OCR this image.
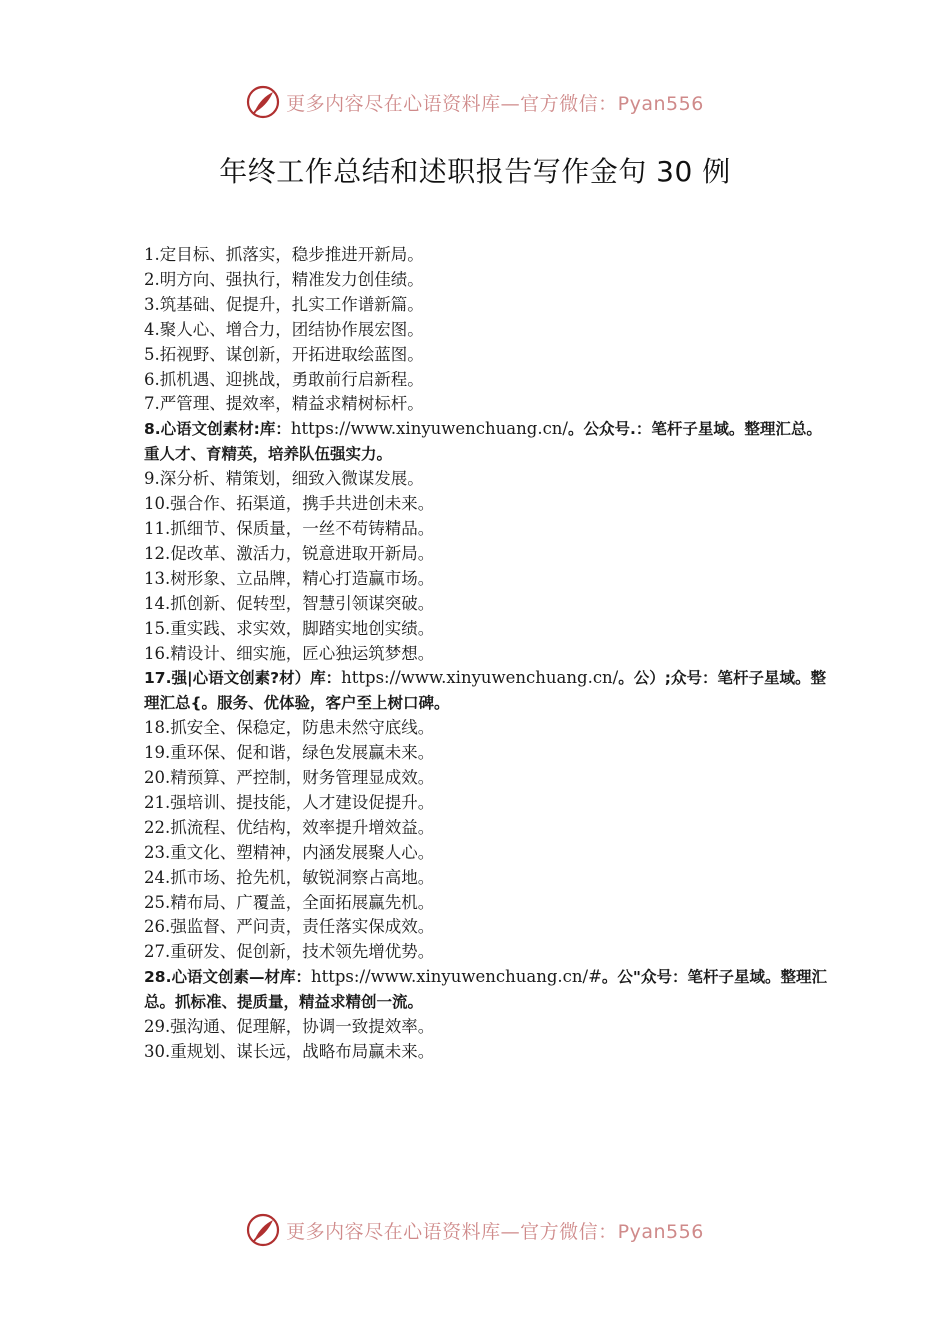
更多内容尽在心语资料库—官方微信：Pyan556
年终工作总结和述职报告写作金句 30 例
1.定目标、抓落实，稳步推进开新局。
2.明方向、强执行，精准发力创佳绩。
3.筑基础、促提升，扎实工作谱新篇。
4.聚人心、增合力，团结协作展宏图。
5.拓视野、谋创新，开拓进取绘蓝图。
6.抓机遇、迎挑战，勇敢前行启新程。
7.严管理、提效率，精益求精树标杆。
8.心语文创素材:库：https://www.xinyuwenchuang.cn/。公众号.：笔杆子星域。整理汇总。重人才、育精英，培养队伍强实力。
9.深分析、精策划，细致入微谋发展。
10.强合作、拓渠道，携手共进创未来。
11.抓细节、保质量，一丝不苟铸精品。
12.促改革、激活力，锐意进取开新局。
13.树形象、立品牌，精心打造赢市场。
14.抓创新、促转型，智慧引领谋突破。
15.重实践、求实效，脚踏实地创实绩。
16.精设计、细实施，匠心独运筑梦想。
17.强|心语文创素?材）库：https://www.xinyuwenchuang.cn/。公）;众号：笔杆子星域。整理汇总{。服务、优体验，客户至上树口碑。
18.抓安全、保稳定，防患未然守底线。
19.重环保、促和谐，绿色发展赢未来。
20.精预算、严控制，财务管理显成效。
21.强培训、提技能，人才建设促提升。
22.抓流程、优结构，效率提升增效益。
23.重文化、塑精神，内涵发展聚人心。
24.抓市场、抢先机，敏锐洞察占高地。
25.精布局、广覆盖，全面拓展赢先机。
26.强监督、严问责，责任落实保成效。
27.重研发、促创新，技术领先增优势。
28.心语文创素—材库：https://www.xinyuwenchuang.cn/#。公"众号：笔杆子星域。整理汇总。抓标准、提质量，精益求精创一流。
29.强沟通、促理解，协调一致提效率。
30.重规划、谋长远，战略布局赢未来。
更多内容尽在心语资料库—官方微信：Pyan556
